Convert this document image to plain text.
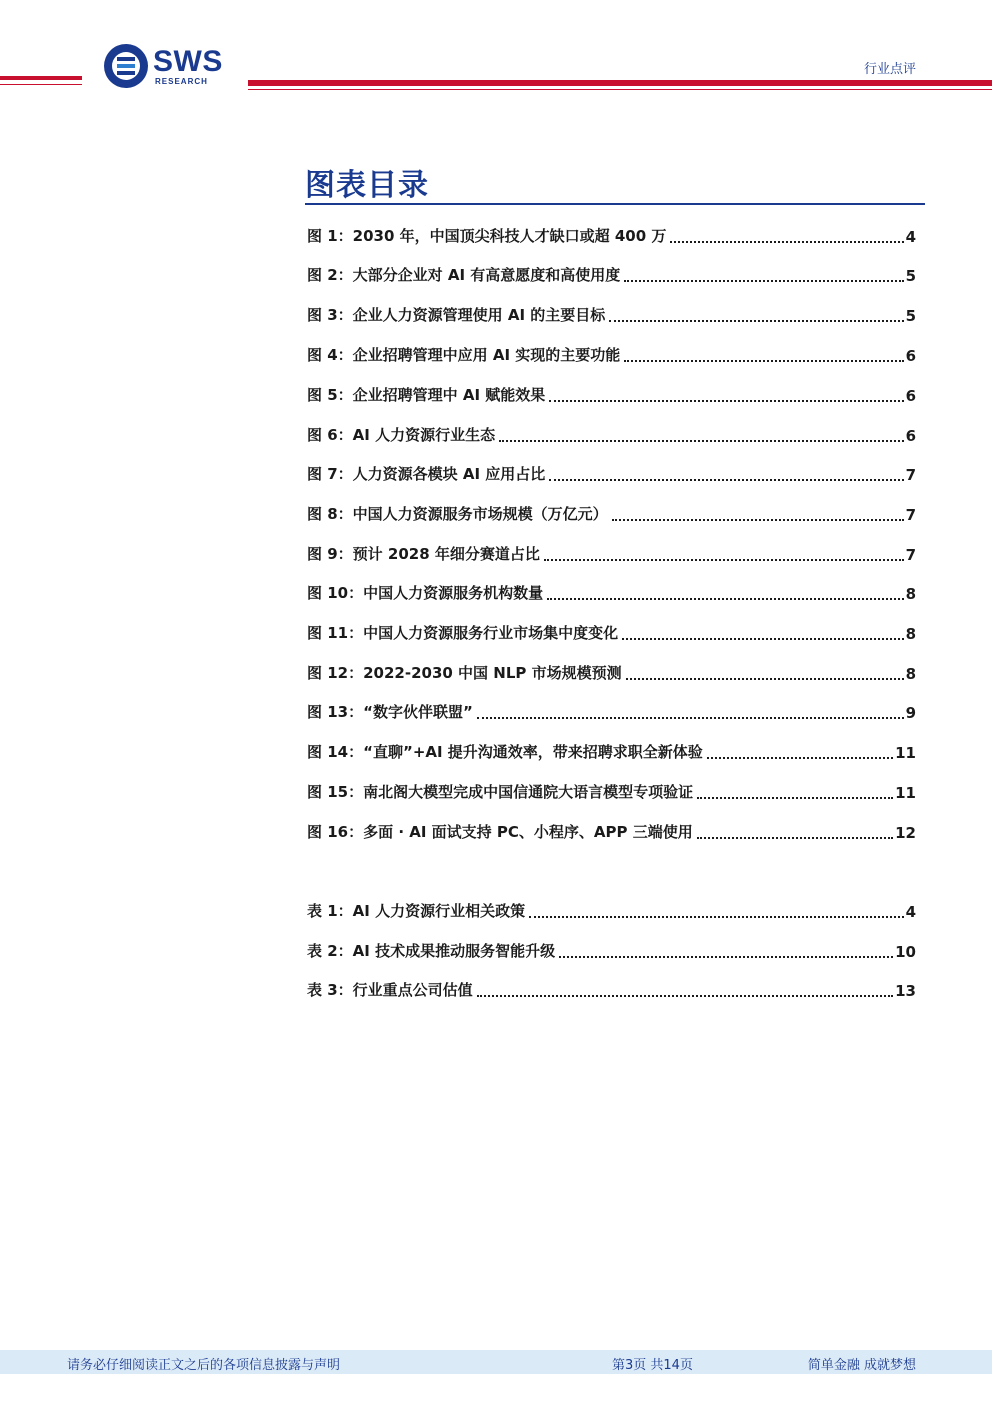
SWS
RESEARCH
行业点评
图表目录
图 1：2030 年，中国顶尖科技人才缺口或超 400 万	4
图 2：大部分企业对 AI 有高意愿度和高使用度	5
图 3：企业人力资源管理使用 AI 的主要目标	5
图 4：企业招聘管理中应用 AI 实现的主要功能	6
图 5：企业招聘管理中 AI 赋能效果	6
图 6：AI 人力资源行业生态	6
图 7：人力资源各模块 AI 应用占比	7
图 8：中国人力资源服务市场规模（万亿元）	7
图 9：预计 2028 年细分赛道占比	7
图 10：中国人力资源服务机构数量	8
图 11：中国人力资源服务行业市场集中度变化	8
图 12：2022-2030 中国 NLP 市场规模预测	8
图 13：“数字伙伴联盟”	9
图 14：“直聊”+AI 提升沟通效率，带来招聘求职全新体验	11
图 15：南北阁大模型完成中国信通院大语言模型专项验证	11
图 16：多面 · AI 面试支持 PC、小程序、APP 三端使用	12
表 1：AI 人力资源行业相关政策	4
表 2：AI 技术成果推动服务智能升级	10
表 3：行业重点公司估值	13
请务必仔细阅读正文之后的各项信息披露与声明	第3页 共14页	简单金融 成就梦想
